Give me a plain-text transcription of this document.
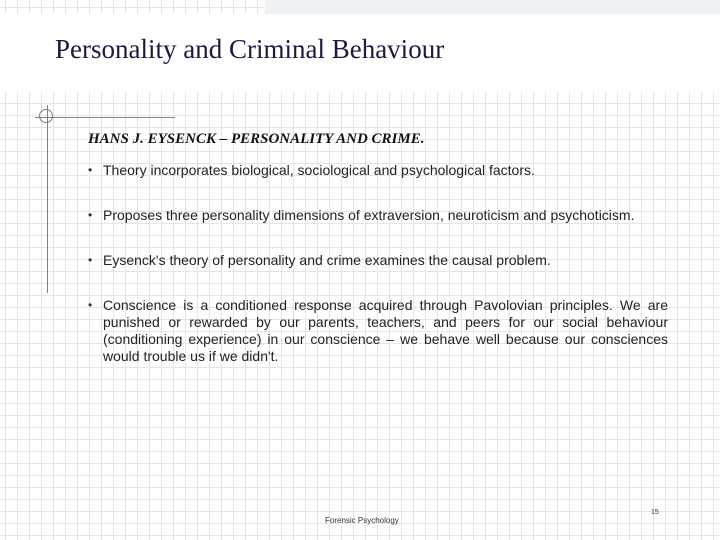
Personality and Criminal Behaviour
HANS J. EYSENCK – PERSONALITY AND CRIME.
• Theory incorporates biological, sociological and psychological factors.
• Proposes three personality dimensions of extraversion, neuroticism and psychoticism.
• Eysenck's theory of personality and crime examines the causal problem.
• Conscience is a conditioned response acquired through Pavolovian principles. We are punished or rewarded by our parents, teachers, and peers for our social behaviour (conditioning experience) in our conscience – we behave well because our consciences would trouble us if we didn't.
Forensic Psychology
15
